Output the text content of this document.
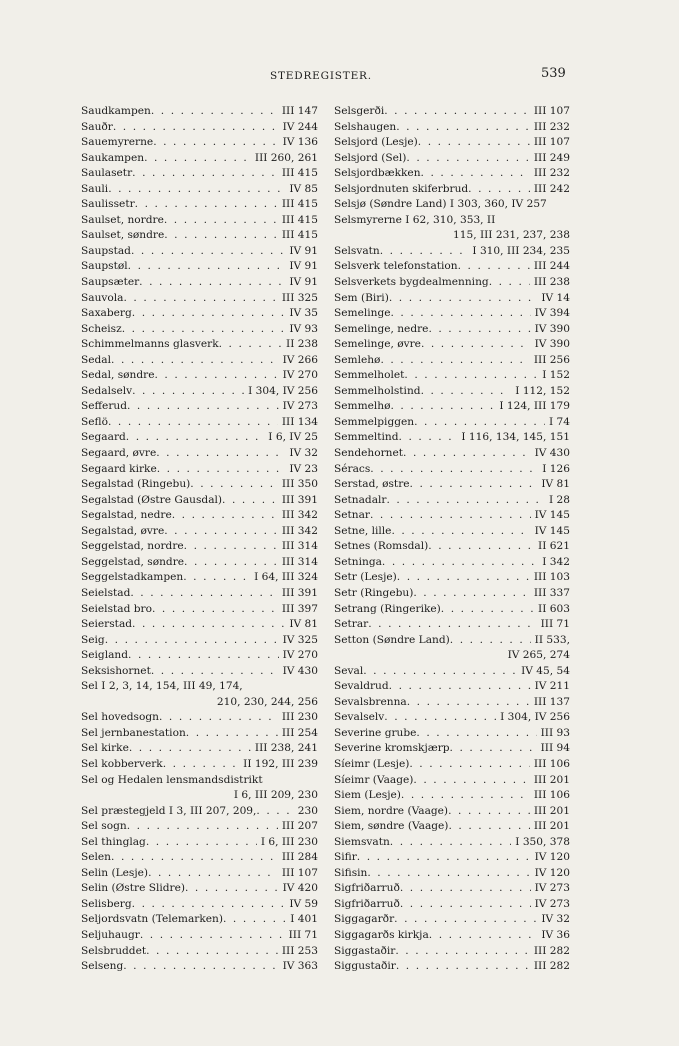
STEDREGISTER.	539
Saudkampen . . .	III 147
Sauðr . . .	IV 244
Sauemyrerne . . .	IV 136
Saukampen . . .	III 260, 261
Saulasetr . . .	III 415
Sauli . . .	IV 85
Saulissetr . . .	III 415
Saulset, nordre . . .	III 415
Saulset, søndre . . .	III 415
Saupstad . . .	IV 91
Saupstøl . . .	IV 91
Saupsæter . . .	IV 91
Sauvola . . .	III 325
Saxaberg . . .	IV 35
Scheisz . . .	IV 93
Schimmelmanns glasverk . . .	II 238
Sedal . . .	IV 266
Sedal, søndre . . .	IV 270
Sedalselv . . .	I 304, IV 256
Sefferud . . .	IV 273
Seflö . . .	III 134
Segaard . . .	I 6, IV 25
Segaard, øvre . . .	IV 32
Segaard kirke . . .	IV 23
Segalstad (Ringebu) . . .	III 350
Segalstad (Østre Gausdal) . . .	III 391
Segalstad, nedre . . .	III 342
Segalstad, øvre . . .	III 342
Seggelstad, nordre . . .	III 314
Seggelstad, søndre . . .	III 314
Seggelstadkampen . . .	I 64, III 324
Seielstad . . .	III 391
Seielstad bro . . .	III 397
Seierstad . . .	IV 81
Seig . . .	IV 325
Seigland . . .	IV 270
Seksishornet . . .	IV 430
Sel I 2, 3, 14, 154, III 49, 174,
210, 230, 244, 256
Sel hovedsogn . . .	III 230
Sel jernbanestation . . .	III 254
Sel kirke . . .	III 238, 241
Sel kobberverk . . .	II 192, III 239
Sel og Hedalen lensmandsdistrikt
I 6, III 209, 230
Sel præstegjeld I 3, III 207, 209, . . .	230
Sel sogn . . .	III 207
Sel thinglag . . .	I 6, III 230
Selen . . .	III 284
Selin (Lesje) . . .	III 107
Selin (Østre Slidre) . . .	IV 420
Selisberg . . .	IV 59
Seljordsvatn (Telemarken) . . .	I 401
Seljuhaugr . . .	III 71
Selsbruddet . . .	III 253
Selseng . . .	IV 363
Selsgerði . . .	III 107
Selshaugen . . .	III 232
Selsjord (Lesje) . . .	III 107
Selsjord (Sel) . . .	III 249
Selsjordbækken . . .	III 232
Selsjordnuten skiferbrud . . .	III 242
Selsjø (Søndre Land) I 303, 360, IV 257
Selsmyrerne I 62, 310, 353, II
115, III 231, 237, 238
Selsvatn . . .	I 310, III 234, 235
Selsverk telefonstation . . .	III 244
Selsverkets bygdealmenning . . .	III 238
Sem (Biri) . . .	IV 14
Semelinge . . .	IV 394
Semelinge, nedre . . .	IV 390
Semelinge, øvre . . .	IV 390
Semlehø . . .	III 256
Semmelholet . . .	I 152
Semmelholstind . . .	I 112, 152
Semmelhø . . .	I 124, III 179
Semmelpiggen . . .	I 74
Semmeltind . . .	I 116, 134, 145, 151
Sendehornet . . .	IV 430
Séracs . . .	I 126
Serstad, østre . . .	IV 81
Setnadalr . . .	I 28
Setnar . . .	IV 145
Setne, lille . . .	IV 145
Setnes (Romsdal) . . .	II 621
Setninga . . .	I 342
Setr (Lesje) . . .	III 103
Setr (Ringebu) . . .	III 337
Setrang (Ringerike) . . .	II 603
Setrar . . .	III 71
Setton (Søndre Land) . . .	II 533,
IV 265, 274
Seval . . .	IV 45, 54
Sevaldrud . . .	IV 211
Sevalsbrenna . . .	III 137
Sevalselv . . .	I 304, IV 256
Severine grube . . .	III 93
Severine kromskjærp . . .	III 94
Síeimr (Lesje) . . .	III 106
Síeimr (Vaage) . . .	III 201
Siem (Lesje) . . .	III 106
Siem, nordre (Vaage) . . .	III 201
Siem, søndre (Vaage) . . .	III 201
Siemsvatn . . .	I 350, 378
Sifir . . .	IV 120
Sifisin . . .	IV 120
Sigfriðarruð . . .	IV 273
Sigfriðarruð . . .	IV 273
Siggagarðr . . .	IV 32
Siggagarðs kirkja . . .	IV 36
Siggastaðir . . .	III 282
Siggustaðir . . .	III 282
